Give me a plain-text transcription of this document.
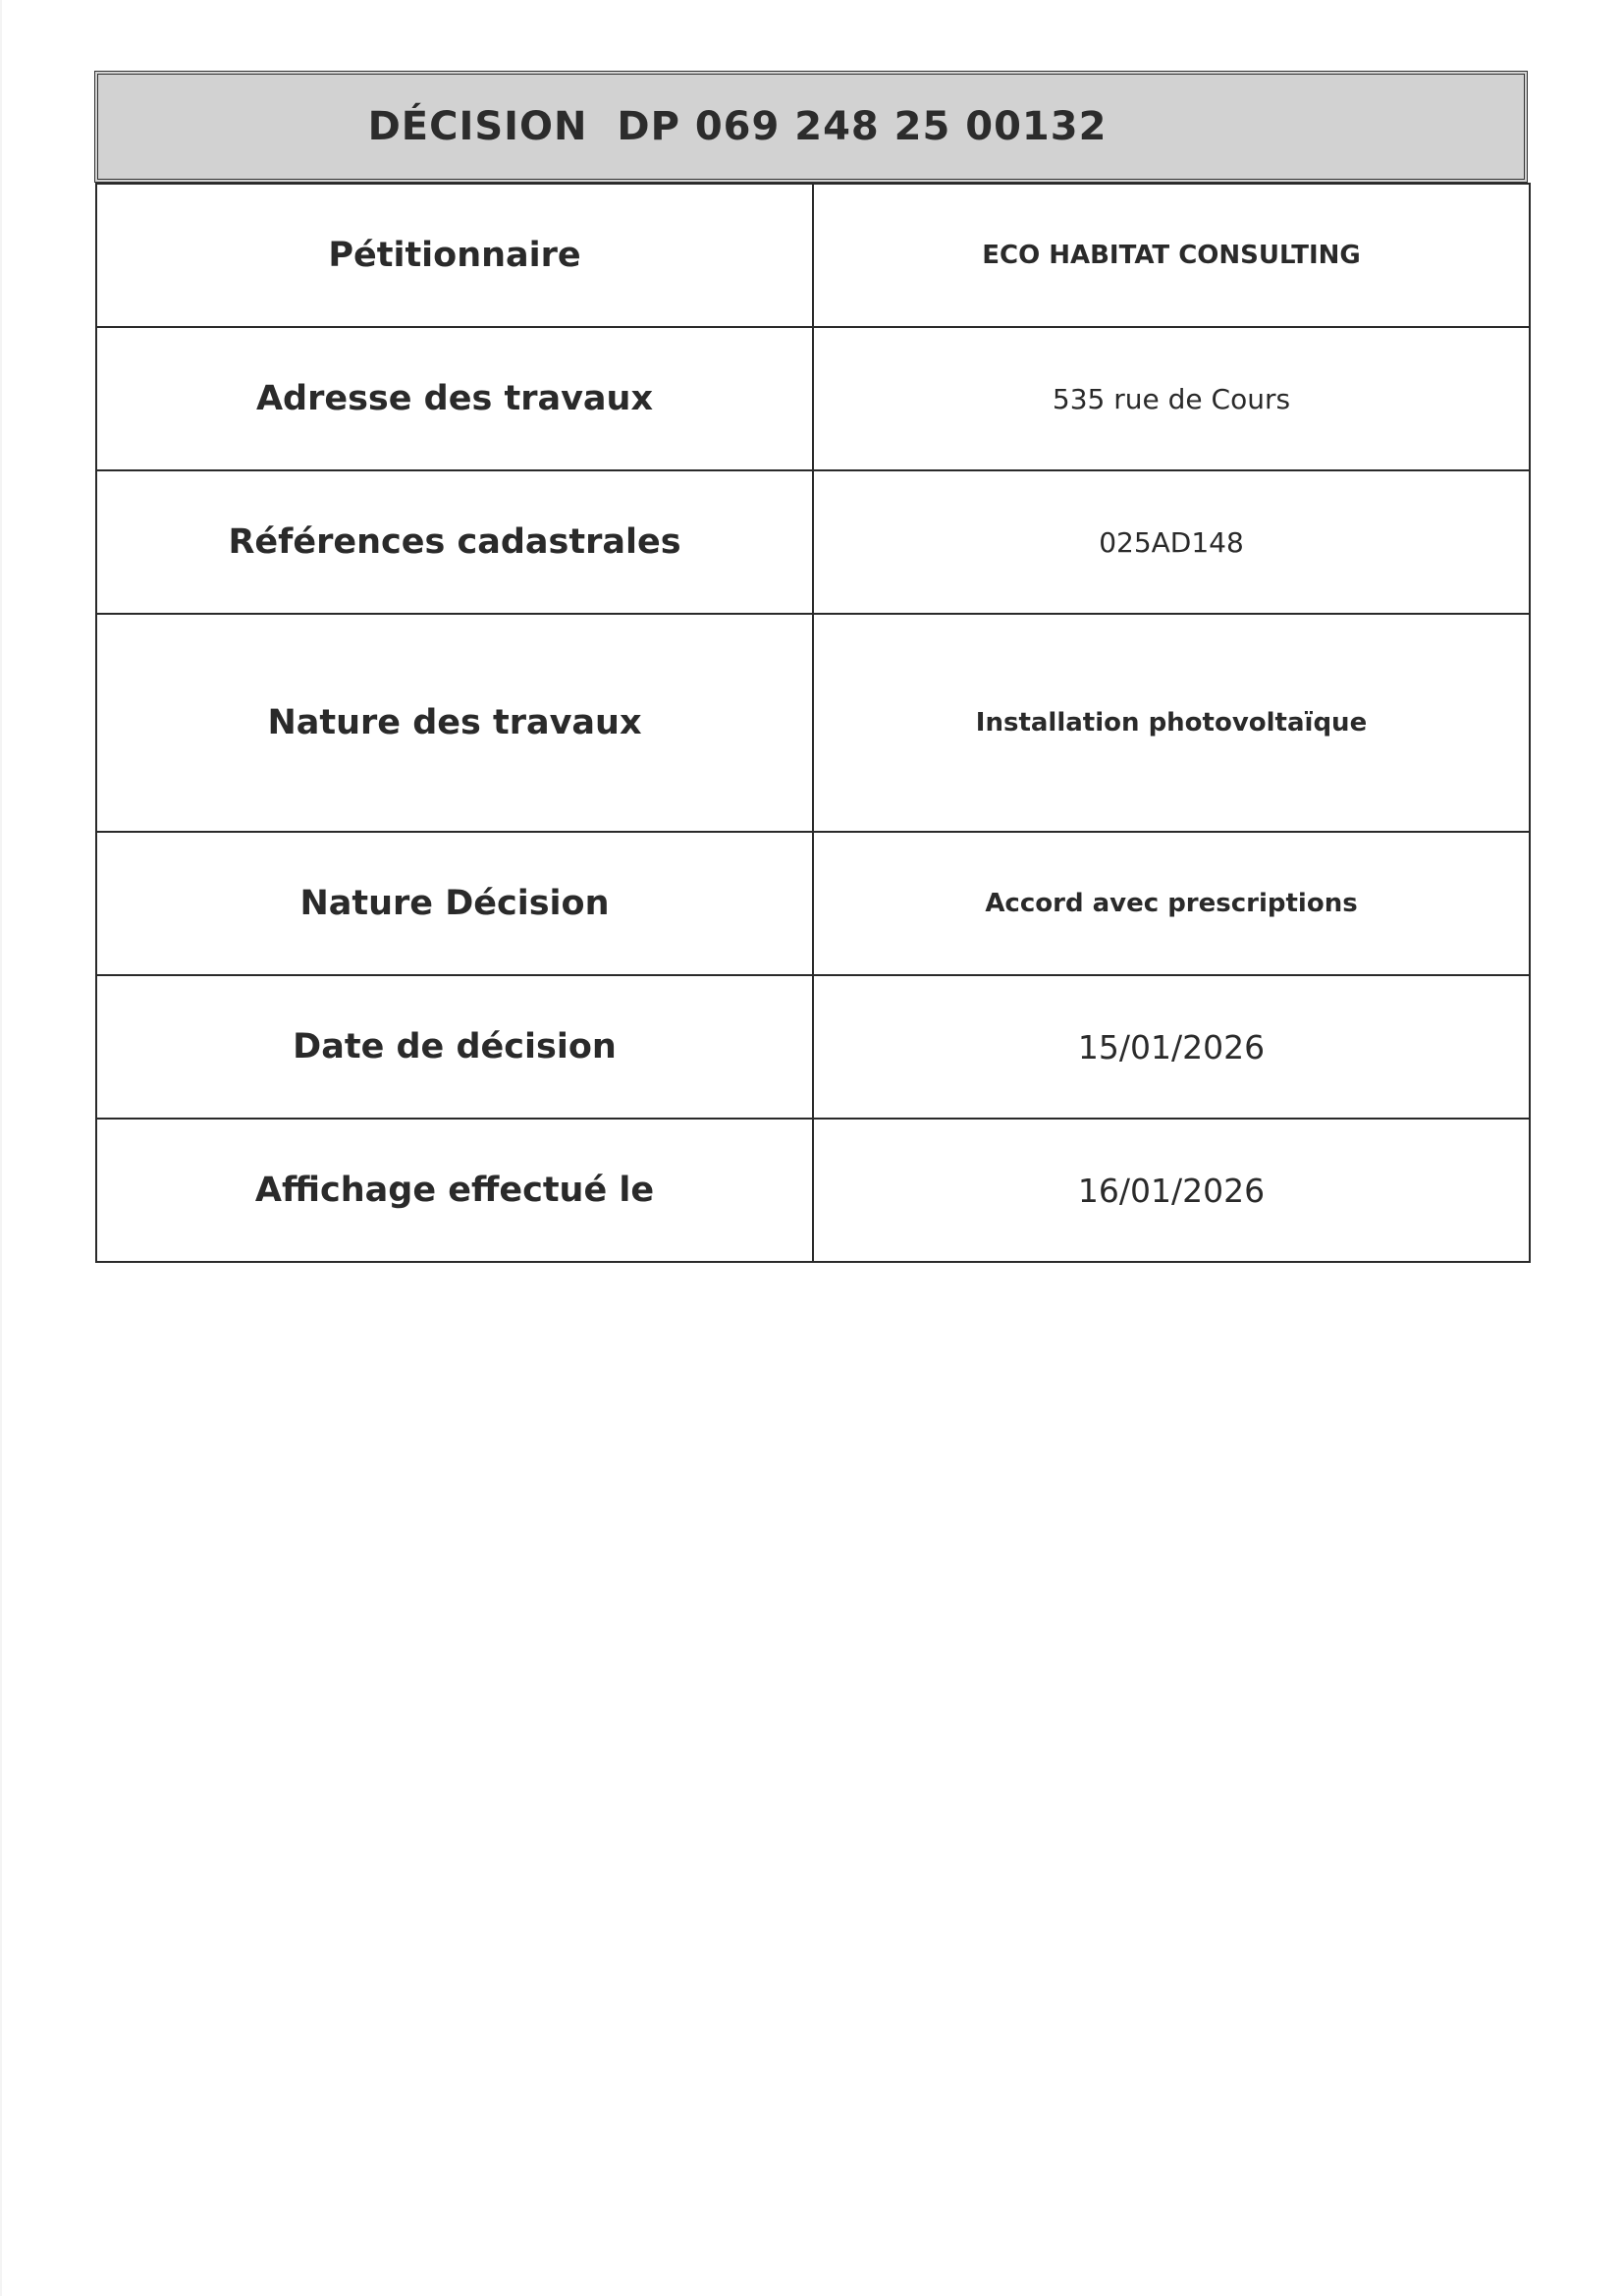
DÉCISION  DP 069 248 25 00132
Pétitionnaire	ECO HABITAT CONSULTING
Adresse des travaux	535 rue de Cours
Références cadastrales	025AD148
Nature des travaux	Installation photovoltaïque
Nature Décision	Accord avec prescriptions
Date de décision	15/01/2026
Affichage effectué le	16/01/2026
